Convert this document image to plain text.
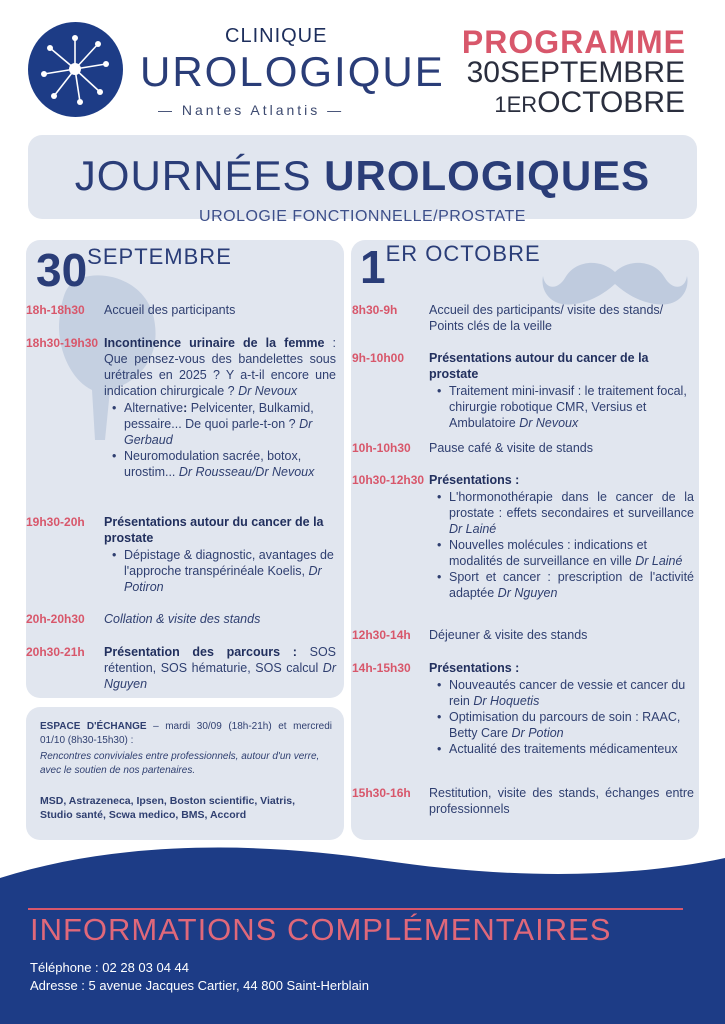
CLINIQUE
UROLOGIQUE
— Nantes Atlantis —
PROGRAMME
30SEPTEMBRE
1EROCTOBRE
JOURNÉES UROLOGIQUES
UROLOGIE FONCTIONNELLE/PROSTATE
30SEPTEMBRE
18h-18h30 Accueil des participants
18h30-19h30 Incontinence urinaire de la femme : Que pensez-vous des bandelettes sous urétrales en 2025 ? Y a-t-il encore une indication chirurgicale ? Dr Nevoux
• Alternative: Pelvicenter, Bulkamid, pessaire... De quoi parle-t-on ? Dr Gerbaud
• Neuromodulation sacrée, botox, urostim... Dr Rousseau/Dr Nevoux
19h30-20h Présentations autour du cancer de la prostate
• Dépistage & diagnostic, avantages de l'approche transpérinéale Koelis, Dr Potiron
20h-20h30 Collation & visite des stands
20h30-21h Présentation des parcours : SOS rétention, SOS hématurie, SOS calcul Dr Nguyen
ESPACE D'ÉCHANGE – mardi 30/09 (18h-21h) et mercredi 01/10 (8h30-15h30) :
Rencontres conviviales entre professionnels, autour d'un verre, avec le soutien de nos partenaires.
MSD, Astrazeneca, Ipsen, Boston scientific, Viatris, Studio santé, Scwa medico, BMS, Accord
1ER OCTOBRE
8h30-9h	Accueil des participants/ visite des stands/ Points clés de la veille
9h-10h00 Présentations autour du cancer de la prostate
• Traitement mini-invasif : le traitement focal, chirurgie robotique CMR, Versius et Ambulatoire Dr Nevoux
10h-10h30 Pause café & visite de stands
10h30-12h30 Présentations :
• L'hormonothérapie dans le cancer de la prostate : effets secondaires et surveillance Dr Lainé
• Nouvelles molécules : indications et modalités de surveillance en ville Dr Lainé
• Sport et cancer : prescription de l'activité adaptée Dr Nguyen
12h30-14h Déjeuner & visite des stands
14h-15h30 Présentations :
• Nouveautés cancer de vessie et cancer du rein Dr Hoquetis
• Optimisation du parcours de soin : RAAC, Betty Care Dr Potion
• Actualité des traitements médicamenteux
15h30-16h Restitution, visite des stands, échanges entre professionnels
INFORMATIONS COMPLÉMENTAIRES
Téléphone : 02 28 03 04 44
Adresse : 5 avenue Jacques Cartier, 44 800 Saint-Herblain
